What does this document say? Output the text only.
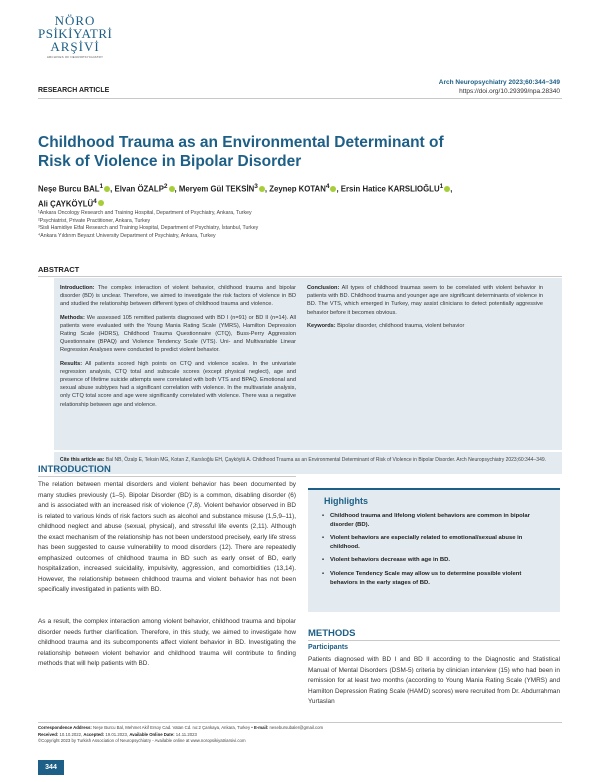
NÖRO
PSİKİYATRİ
ARŞİVİ
ARCHIVES OF NEUROPSYCHIATRY
RESEARCH ARTICLE
Arch Neuropsychiatry 2023;60:344−349
https://doi.org/10.29399/npa.28340
Childhood Trauma as an Environmental Determinant of Risk of Violence in Bipolar Disorder
Neşe Burcu BAL$^1$ , Elvan ÖZALP$^2$ , Meryem Gül TEKSİN$^3$ , Zeynep KOTAN$^4$ , Ersin Hatice KARSLIOĞLU$^1$ ,
Ali ÇAYKÖYLÜ$^4$
¹Ankara Oncology Research and Training Hospital, Department of Psychiatry, Ankara, Turkey
²Psychiatrist, Private Practitioner, Ankara, Turkey
³Sisli Hamidiye Etfal Research and Training Hospital, Department of Psychiatry, İstanbul, Turkey
⁴Ankara Yıldırım Beyazıt University Department of Psychiatry, Ankara, Turkey
ABSTRACT

Introduction: The complex interaction of violent behavior, childhood trauma and bipolar disorder (BD) is unclear. Therefore, we aimed to investigate the risk factors of violence in BD and studied the relationship between different types of childhood trauma and violence.

Methods: We assessed 105 remitted patients diagnosed with BD I (n=91) or BD II (n=14). All patients were evaluated with the Young Mania Rating Scale (YMRS), Hamilton Depression Rating Scale (HDRS), Childhood Trauma Questionnaire (CTQ), Buss-Perry Aggression Questionnaire (BPAQ) and Violence Tendency Scale (VTS). Uni- and Multivariable Linear Regression Analyses were conducted to predict violent behavior.

Results: All patients scored high points on CTQ and violence scales. In the univariate regression analysis, CTQ total and subscale scores (except physical neglect), age and presence of lifetime suicide attempts were correlated with both VTS and BPAQ. Emotional and sexual abuse subtypes had a significant correlation with violence. In the multivariate analysis, only CTQ total score and age were significantly correlated with violence. There was a negative relationship between age and violence.

Conclusion: All types of childhood traumas seem to be correlated with violent behavior in patients with BD. Childhood trauma and younger age are significant determinants of violence in BD. The VTS, which emerged in Turkey, may assist clinicians to detect potentially aggressive behavior before it becomes obvious.

Keywords: Bipolar disorder, childhood trauma, violent behavior

Cite this article as: Bal NB, Özalp E, Teksin MG, Kotan Z, Karslıoğlu EH, Çayköylü A. Childhood Trauma as an Environmental Determinant of Risk of Violence in Bipolar Disorder. Arch Neuropsychiatry 2023;60:344−349.
INTRODUCTION

The relation between mental disorders and violent behavior has been documented by many studies previously (1–5). Bipolar Disorder (BD) is a common, disabling disorder (6) and is associated with an increased risk of violence (7,8). Violent behavior observed in BD is related to various kinds of risk factors such as alcohol and substance misuse (1,5,9–11), childhood neglect and abuse (sexual, physical), and stressful life events (2,11). Although the exact mechanism of the relationship has not been understood precisely, early life stress has been suggested to cause vulnerability to mood disorders (12). There are repeatedly emphasized outcomes of childhood trauma in BD such as early onset of BD, early hospitalization, increased suicidality, impulsivity, aggression, and comorbidities (13,14). However, the relationship between childhood trauma and violent behavior has not been specifically investigated in patients with BD.

As a result, the complex interaction among violent behavior, childhood trauma and bipolar disorder needs further clarification. Therefore, in this study, we aimed to investigate how childhood trauma and its subcomponents affect violent behavior in BD. Investigating the relationship between violent behavior and childhood trauma will contribute to finding methods that will help patients with BD.

Highlights
• Childhood trauma and lifelong violent behaviors are common in bipolar disorder (BD).
• Violent behaviors are especially related to emotional/sexual abuse in childhood.
• Violent behaviors decrease with age in BD.
• Violence Tendency Scale may allow us to determine possible violent behaviors in the early stages of BD.
METHODS
Participants

Patients diagnosed with BD I and BD II according to the Diagnostic and Statistical Manual of Mental Disorders (DSM-5) criteria by clinician interview (15) who had been in remission for at least two months (according to Young Mania Rating Scale (YMRS) and Hamilton Depression Rating Scale (HAMD) scores) were recruited from Dr. Abdurrahman Yurtaslan

Correspondence Address: Neşe Burcu Bal, Mehmet Akif Ersoy Cad. Vatan Cd. no:2 Çankaya, Ankara, Turkey • E-mail: nesebursubaler@gmail.com
Received: 10.10.2022, Accepted: 19.01.2023, Available Online Date: 14.11.2023
©Copyright 2023 by Turkish Association of Neuropsychiatry - Available online at www.noropsikiyatriarsivi.com
344
